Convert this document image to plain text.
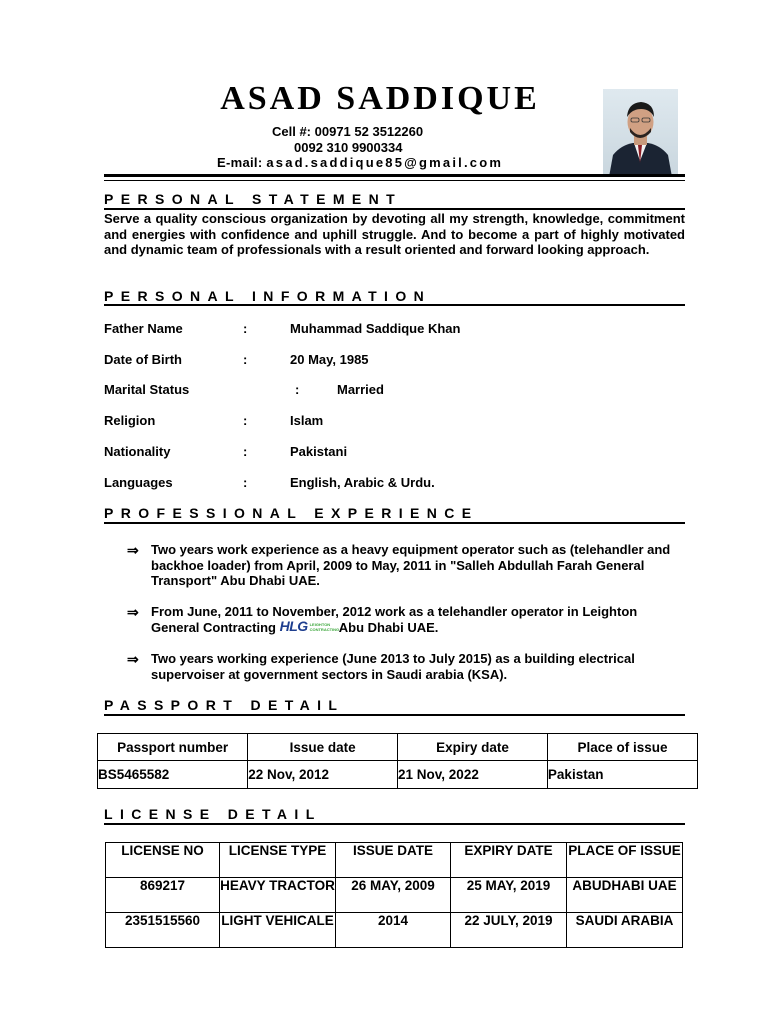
ASAD SADDIQUE
Cell #: 00971 52 3512260
0092 310 9900334
E-mail: asad.saddique85@gmail.com
PERSONAL STATEMENT
Serve a quality conscious organization by devoting all my strength, knowledge, commitment and energies with confidence and uphill struggle. And to become a part of highly motivated and dynamic team of professionals with a result oriented and forward looking approach.
PERSONAL INFORMATION
Father Name	:	Muhammad Saddique Khan
Date of Birth	:	20 May, 1985
Marital Status	:	Married
Religion	:	Islam
Nationality	:	Pakistani
Languages	:	English, Arabic & Urdu.
PROFESSIONAL EXPERIENCE
⇒ Two years work experience as a heavy equipment operator such as (telehandler and backhoe loader) from April, 2009 to May, 2011 in "Salleh Abdullah Farah General Transport" Abu Dhabi UAE.
⇒ From June, 2011 to November, 2012 work as a telehandler operator in Leighton General Contracting HLG LEIGHTON CONTRACTING Abu Dhabi UAE.
⇒ Two years working experience (June 2013 to July 2015) as a building electrical supervoiser at government sectors in Saudi arabia (KSA).
PASSPORT DETAIL
Passport number	Issue date	Expiry date	Place of issue
BS5465582	22 Nov, 2012	21 Nov, 2022	Pakistan
LICENSE DETAIL
LICENSE NO	LICENSE TYPE	ISSUE DATE	EXPIRY DATE	PLACE OF ISSUE
869217	HEAVY TRACTOR	26 MAY, 2009	25 MAY, 2019	ABUDHABI UAE
2351515560	LIGHT VEHICALE	2014	22 JULY, 2019	SAUDI ARABIA
